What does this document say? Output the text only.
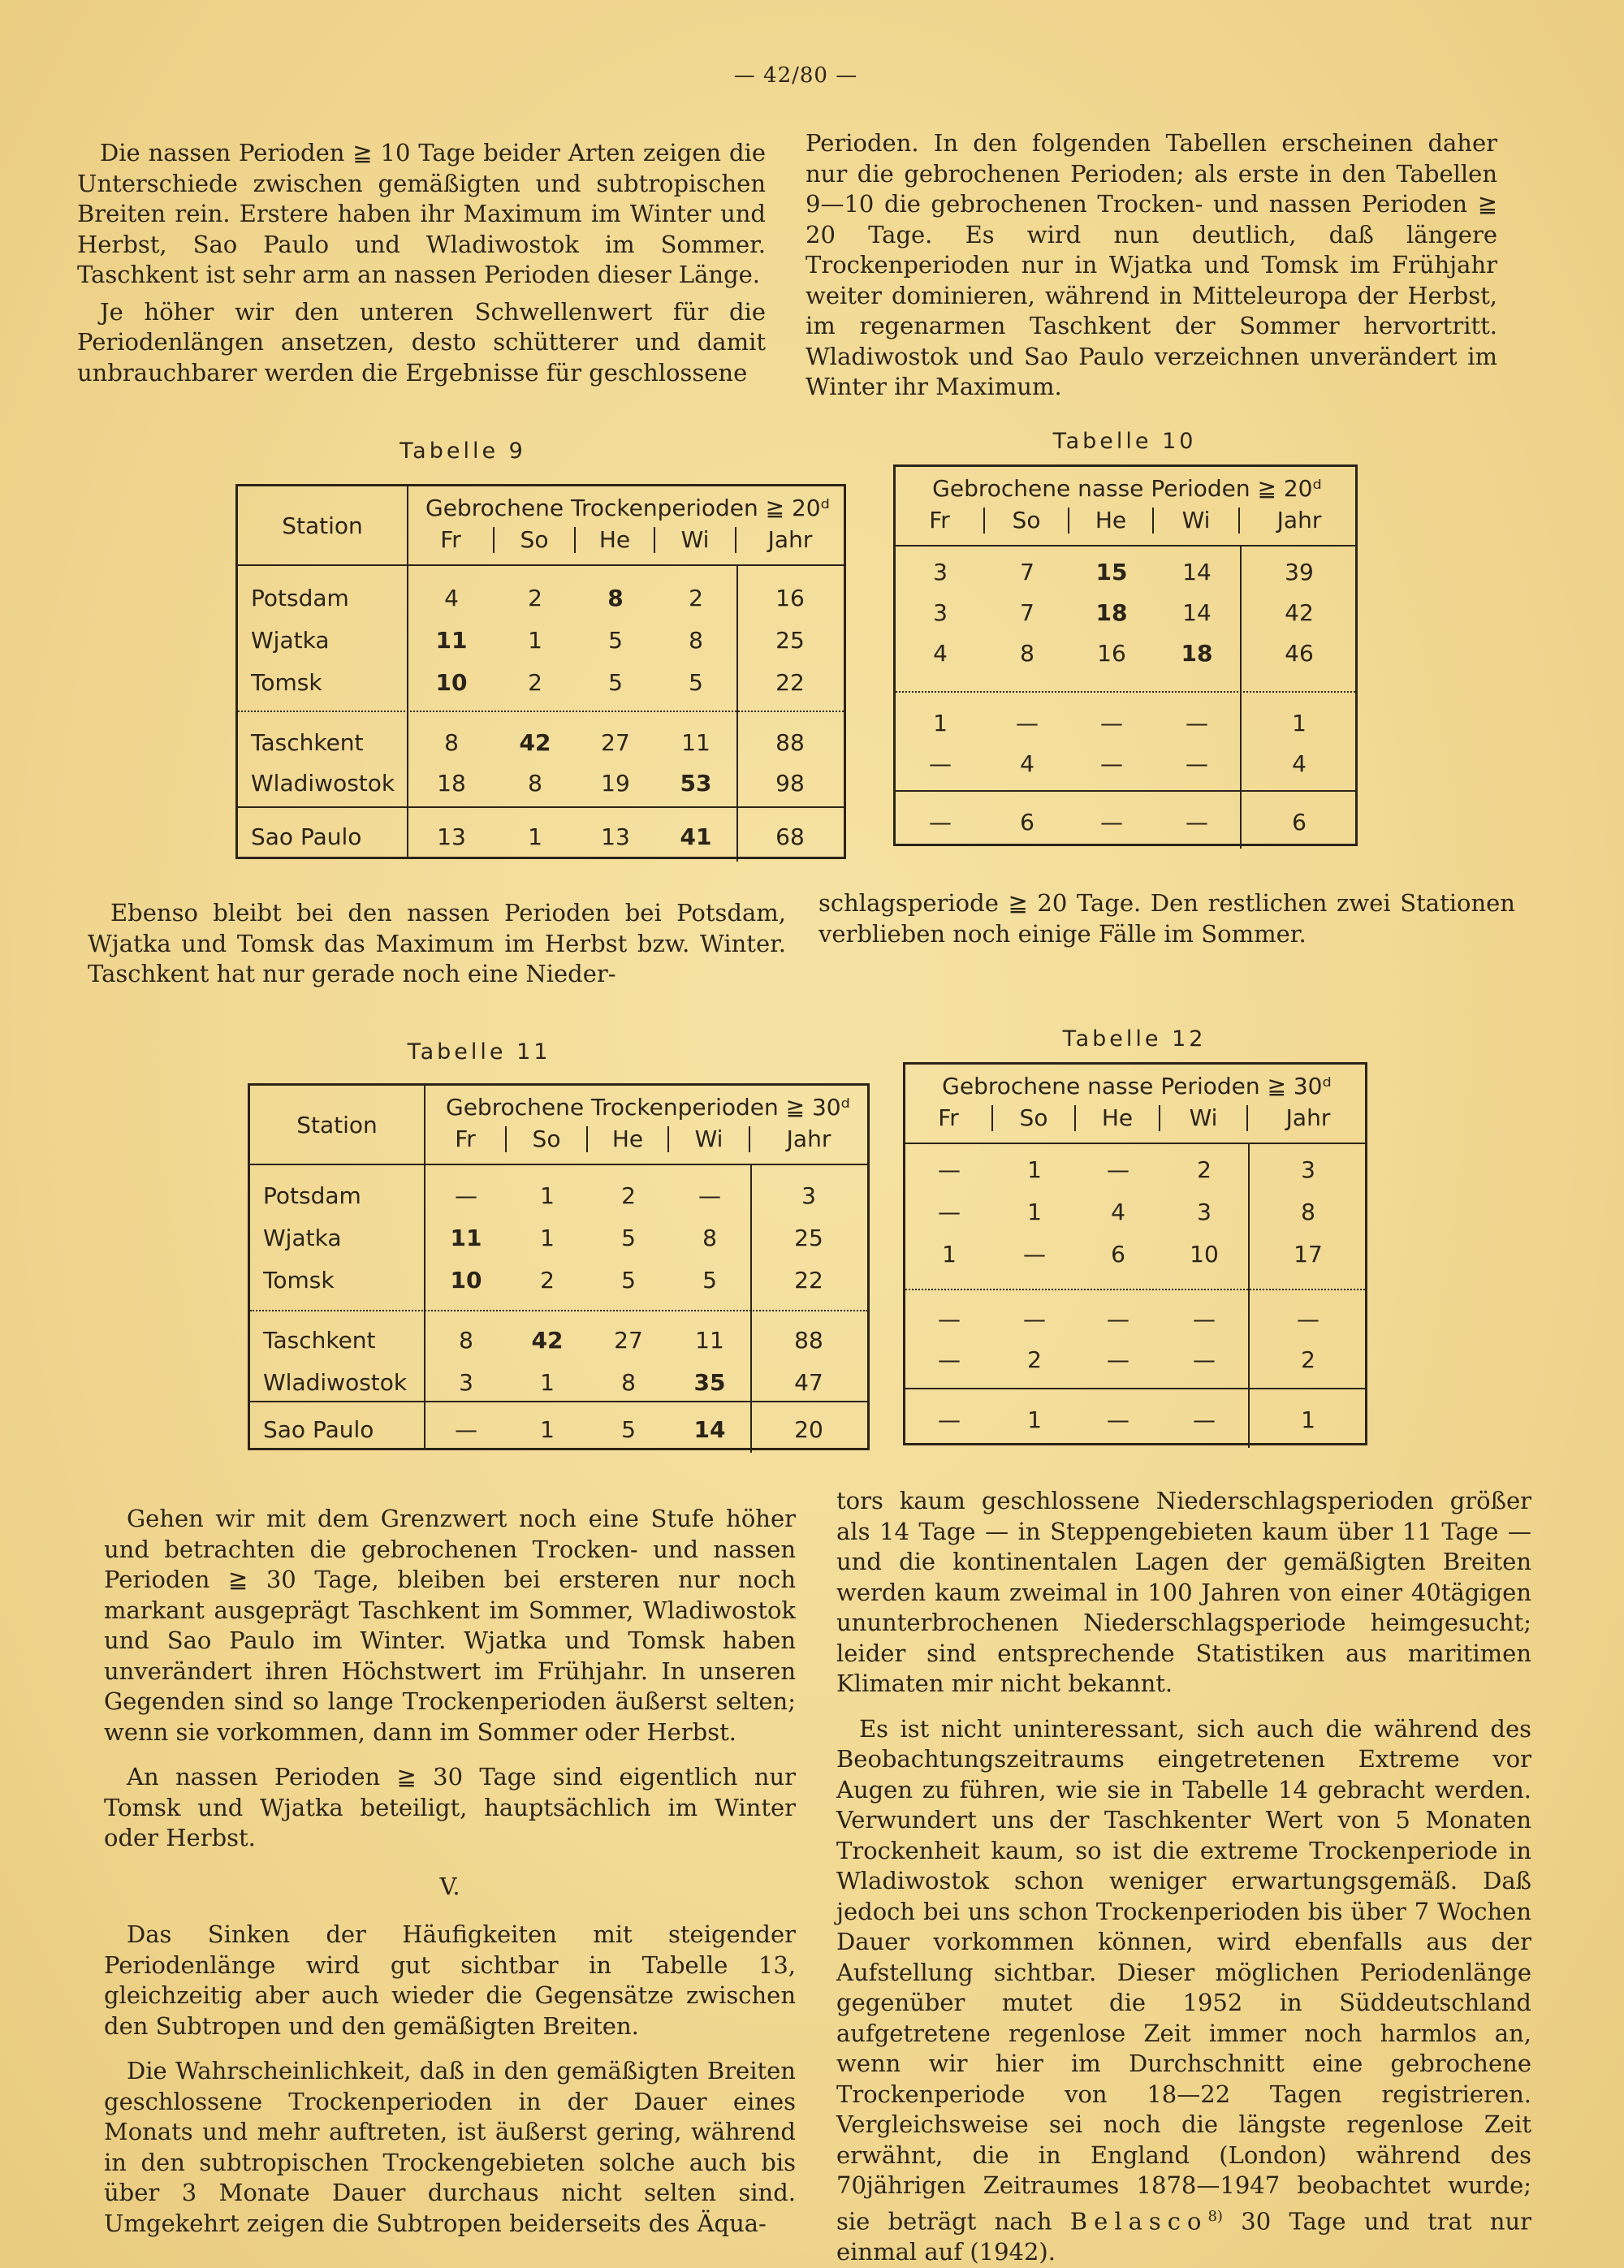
— 42/80 —

Die nassen Perioden ≧ 10 Tage beider Arten zeigen die Unterschiede zwischen gemäßigten und subtropischen Breiten rein. Erstere haben ihr Maximum im Winter und Herbst, Sao Paulo und Wladiwostok im Sommer. Taschkent ist sehr arm an nassen Perioden dieser Länge.

Je höher wir den unteren Schwellenwert für die Periodenlängen ansetzen, desto schütterer und damit unbrauchbarer werden die Ergebnisse für geschlossene

Perioden. In den folgenden Tabellen erscheinen daher nur die gebrochenen Perioden; als erste in den Tabellen 9—10 die gebrochenen Trocken- und nassen Perioden ≧ 20 Tage. Es wird nun deutlich, daß längere Trockenperioden nur in Wjatka und Tomsk im Frühjahr weiter dominieren, während in Mitteleuropa der Herbst, im regenarmen Taschkent der Sommer hervortritt. Wladiwostok und Sao Paulo verzeichnen unverändert im Winter ihr Maximum.

Tabelle 9
Station
Gebrochene Trockenperioden ≧ 20ᵈ
Fr	So	He	Wi	Jahr
Potsdam	4	2	8	2	16
Wjatka	11	1	5	8	25
Tomsk	10	2	5	5	22
Taschkent	8	42	27	11	88
Wladiwostok	18	8	19	53	98
Sao Paulo	13	1	13	41	68
Tabelle 10
Gebrochene nasse Perioden ≧ 20ᵈ
Fr	So	He	Wi	Jahr
3	7	15	14	39
3	7	18	14	42
4	8	16	18	46
1	—	—	—	1
—	4	—	—	4
—	6	—	—	6

Ebenso bleibt bei den nassen Perioden bei Potsdam, Wjatka und Tomsk das Maximum im Herbst bzw. Winter. Taschkent hat nur gerade noch eine Nieder-

schlagsperiode ≧ 20 Tage. Den restlichen zwei Stationen verblieben noch einige Fälle im Sommer.

Tabelle 11
Station
Gebrochene Trockenperioden ≧ 30ᵈ
Fr	So	He	Wi	Jahr
Potsdam	—	1	2	—	3
Wjatka	11	1	5	8	25
Tomsk	10	2	5	5	22
Taschkent	8	42	27	11	88
Wladiwostok	3	1	8	35	47
Sao Paulo	—	1	5	14	20
Tabelle 12
Gebrochene nasse Perioden ≧ 30ᵈ
Fr	So	He	Wi	Jahr
—	1	—	2	3
—	1	4	3	8
1	—	6	10	17
—	—	—	—	—
—	2	—	—	2
—	1	—	—	1

Gehen wir mit dem Grenzwert noch eine Stufe höher und betrachten die gebrochenen Trocken- und nassen Perioden ≧ 30 Tage, bleiben bei ersteren nur noch markant ausgeprägt Taschkent im Sommer, Wladiwostok und Sao Paulo im Winter. Wjatka und Tomsk haben unverändert ihren Höchstwert im Frühjahr. In unseren Gegenden sind so lange Trockenperioden äußerst selten; wenn sie vorkommen, dann im Sommer oder Herbst.

An nassen Perioden ≧ 30 Tage sind eigentlich nur Tomsk und Wjatka beteiligt, hauptsächlich im Winter oder Herbst.

V.

Das Sinken der Häufigkeiten mit steigender Periodenlänge wird gut sichtbar in Tabelle 13, gleichzeitig aber auch wieder die Gegensätze zwischen den Subtropen und den gemäßigten Breiten.

Die Wahrscheinlichkeit, daß in den gemäßigten Breiten geschlossene Trockenperioden in der Dauer eines Monats und mehr auftreten, ist äußerst gering, während in den subtropischen Trockengebieten solche auch bis über 3 Monate Dauer durchaus nicht selten sind. Umgekehrt zeigen die Subtropen beiderseits des Äqua-

tors kaum geschlossene Niederschlagsperioden größer als 14 Tage — in Steppengebieten kaum über 11 Tage — und die kontinentalen Lagen der gemäßigten Breiten werden kaum zweimal in 100 Jahren von einer 40tägigen ununterbrochenen Niederschlagsperiode heimgesucht; leider sind entsprechende Statistiken aus maritimen Klimaten mir nicht bekannt.

Es ist nicht uninteressant, sich auch die während des Beobachtungszeitraums eingetretenen Extreme vor Augen zu führen, wie sie in Tabelle 14 gebracht werden. Verwundert uns der Taschkenter Wert von 5 Monaten Trockenheit kaum, so ist die extreme Trockenperiode in Wladiwostok schon weniger erwartungsgemäß. Daß jedoch bei uns schon Trockenperioden bis über 7 Wochen Dauer vorkommen können, wird ebenfalls aus der Aufstellung sichtbar. Dieser möglichen Periodenlänge gegenüber mutet die 1952 in Süddeutschland aufgetretene regenlose Zeit immer noch harmlos an, wenn wir hier im Durchschnitt eine gebrochene Trockenperiode von 18—22 Tagen registrieren. Vergleichsweise sei noch die längste regenlose Zeit erwähnt, die in England (London) während des 70jährigen Zeitraumes 1878—1947 beobachtet wurde; sie beträgt nach Belasco$^{8)}$ 30 Tage und trat nur einmal auf (1942).
